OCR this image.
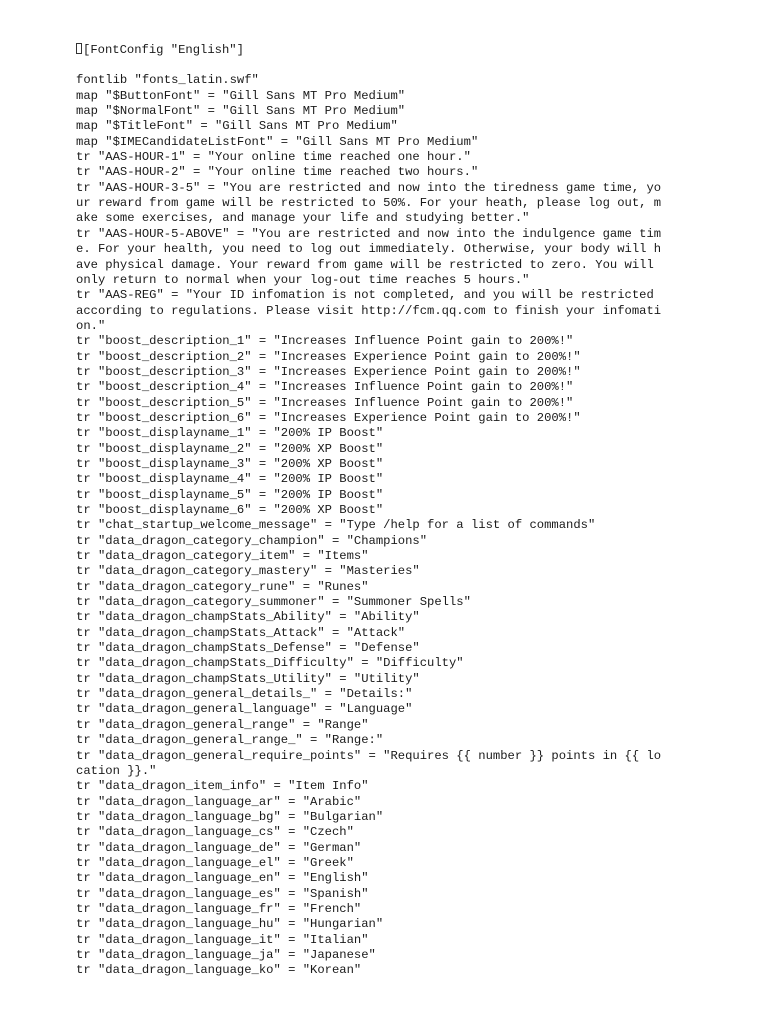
[FontConfig "English"]

fontlib "fonts_latin.swf"
map "$ButtonFont" = "Gill Sans MT Pro Medium"
map "$NormalFont" = "Gill Sans MT Pro Medium"
map "$TitleFont" = "Gill Sans MT Pro Medium"
map "$IMECandidateListFont" = "Gill Sans MT Pro Medium"
tr "AAS-HOUR-1" = "Your online time reached one hour."
tr "AAS-HOUR-2" = "Your online time reached two hours."
tr "AAS-HOUR-3-5" = "You are restricted and now into the tiredness game time, yo
ur reward from game will be restricted to 50%. For your heath, please log out, m
ake some exercises, and manage your life and studying better."
tr "AAS-HOUR-5-ABOVE" = "You are restricted and now into the indulgence game tim
e. For your health, you need to log out immediately. Otherwise, your body will h
ave physical damage. Your reward from game will be restricted to zero. You will
only return to normal when your log-out time reaches 5 hours."
tr "AAS-REG" = "Your ID infomation is not completed, and you will be restricted
according to regulations. Please visit http://fcm.qq.com to finish your infomati
on."
tr "boost_description_1" = "Increases Influence Point gain to 200%!"
tr "boost_description_2" = "Increases Experience Point gain to 200%!"
tr "boost_description_3" = "Increases Experience Point gain to 200%!"
tr "boost_description_4" = "Increases Influence Point gain to 200%!"
tr "boost_description_5" = "Increases Influence Point gain to 200%!"
tr "boost_description_6" = "Increases Experience Point gain to 200%!"
tr "boost_displayname_1" = "200% IP Boost"
tr "boost_displayname_2" = "200% XP Boost"
tr "boost_displayname_3" = "200% XP Boost"
tr "boost_displayname_4" = "200% IP Boost"
tr "boost_displayname_5" = "200% IP Boost"
tr "boost_displayname_6" = "200% XP Boost"
tr "chat_startup_welcome_message" = "Type /help for a list of commands"
tr "data_dragon_category_champion" = "Champions"
tr "data_dragon_category_item" = "Items"
tr "data_dragon_category_mastery" = "Masteries"
tr "data_dragon_category_rune" = "Runes"
tr "data_dragon_category_summoner" = "Summoner Spells"
tr "data_dragon_champStats_Ability" = "Ability"
tr "data_dragon_champStats_Attack" = "Attack"
tr "data_dragon_champStats_Defense" = "Defense"
tr "data_dragon_champStats_Difficulty" = "Difficulty"
tr "data_dragon_champStats_Utility" = "Utility"
tr "data_dragon_general_details_" = "Details:"
tr "data_dragon_general_language" = "Language"
tr "data_dragon_general_range" = "Range"
tr "data_dragon_general_range_" = "Range:"
tr "data_dragon_general_require_points" = "Requires {{ number }} points in {{ lo
cation }}."
tr "data_dragon_item_info" = "Item Info"
tr "data_dragon_language_ar" = "Arabic"
tr "data_dragon_language_bg" = "Bulgarian"
tr "data_dragon_language_cs" = "Czech"
tr "data_dragon_language_de" = "German"
tr "data_dragon_language_el" = "Greek"
tr "data_dragon_language_en" = "English"
tr "data_dragon_language_es" = "Spanish"
tr "data_dragon_language_fr" = "French"
tr "data_dragon_language_hu" = "Hungarian"
tr "data_dragon_language_it" = "Italian"
tr "data_dragon_language_ja" = "Japanese"
tr "data_dragon_language_ko" = "Korean"
